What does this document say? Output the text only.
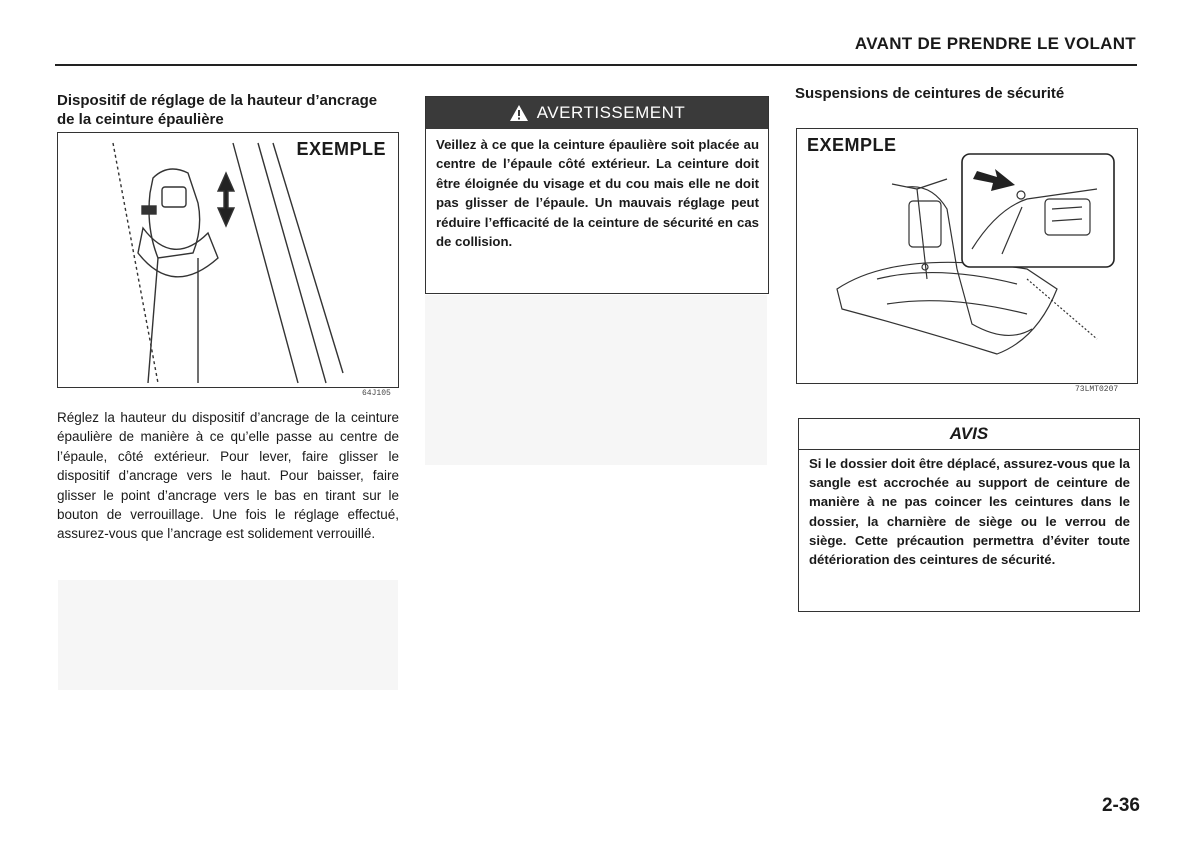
AVANT DE PRENDRE LE VOLANT
Dispositif de réglage de la hauteur d’ancrage de la ceinture épaulière
EXEMPLE
64J105
Réglez la hauteur du dispositif d’ancrage de la ceinture épaulière de manière à ce qu’elle passe au centre de l’épaule, côté extérieur. Pour lever, faire glisser le dispositif d’ancrage vers le haut. Pour baisser, faire glisser le point d’ancrage vers le bas en tirant sur le bouton de verrouillage. Une fois le réglage effectué, assurez-vous que l’ancrage est solidement verrouillé.
AVERTISSEMENT
Veillez à ce que la ceinture épaulière soit placée au centre de l’épaule côté extérieur. La ceinture doit être éloignée du visage et du cou mais elle ne doit pas glisser de l’épaule. Un mauvais réglage peut réduire l’efficacité de la ceinture de sécurité en cas de collision.
Suspensions de ceintures de sécurité
EXEMPLE
73LMT0207
AVIS
Si le dossier doit être déplacé, assurez-vous que la sangle est accrochée au support de ceinture de manière à ne pas coincer les ceintures dans le dossier, la charnière de siège ou le verrou de siège. Cette précaution permettra d’éviter toute détérioration des ceintures de sécurité.
2-36
